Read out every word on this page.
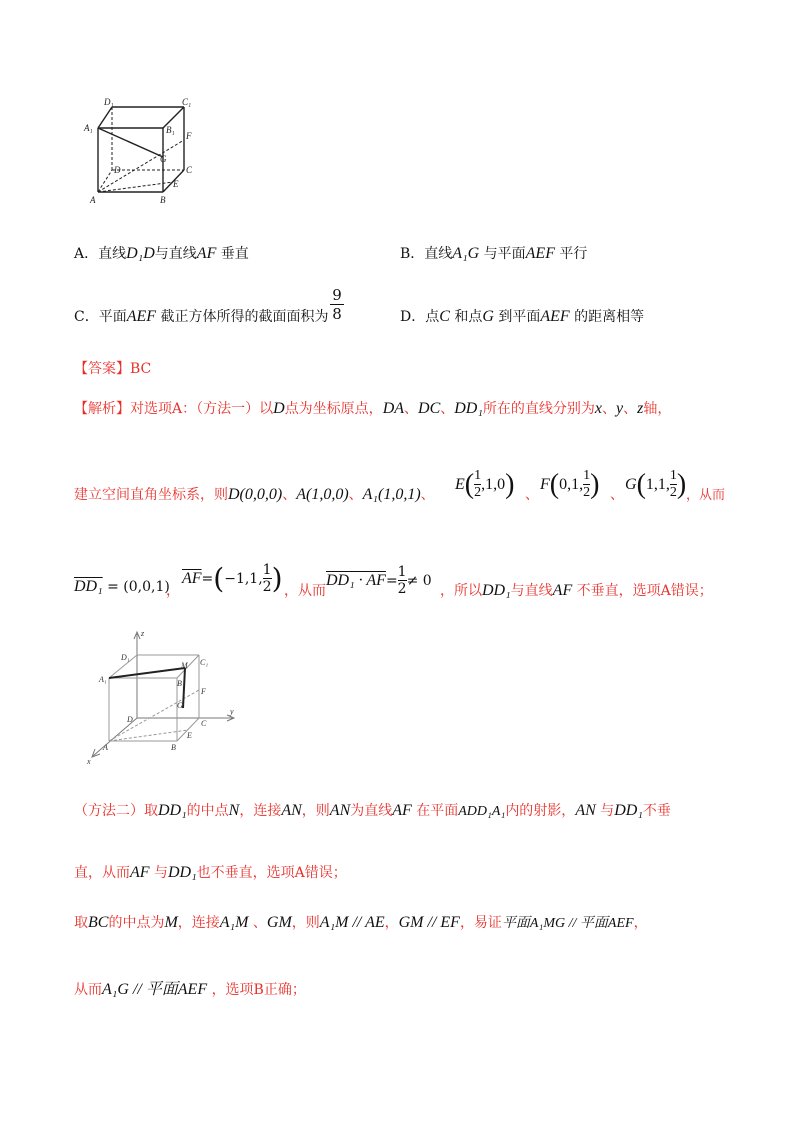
D₁	C₁
A₁	B₁
F
G
D	C
E
A	B
A．直线D₁D与直线AF 垂直	B．直线A₁G 与平面AEF 平行
C．平面AEF 截正方体所得的截面面积为
9
8	D．点C 和点G 到平面AEF 的距离相等
【答案】BC
【解析】对选项A：（方法一）以D点为坐标原点，DA、DC、DD₁所在的直线分别为x、y、z轴，
建立空间直角坐标系，则D(0,0,0)、A(1,0,0)、A₁(1,0,1)、
E ( 1
2 ,1,0 ) 、
F ( 0,1, 1
2 ) 、
G ( 1,1, 1
2 ) ，从而
DD₁ = (0,0,1)
，
$\overline{AF}$ = ( −1,1,
1
2 ) ，从而
DD₁ · AF = $\frac{1}{2} \ne 0$
，所以DD₁与直线AF 不垂直，选项A错误；
z
D₁
C₁
A₁
M
B₁
F
G
D
y
C
E
A	B
x
（方法二）取DD₁的中点N，连接AN，则AN为直线AF 在平面ADD₁A₁内的射影，AN 与DD₁不垂
直，从而AF 与DD₁也不垂直，选项A错误；
取BC的中点为M，连接A₁M 、GM，则A₁M // AE，GM // EF，易证平面A₁MG // 平面AEF，
从而A₁G // 平面AEF ，选项B正确；
